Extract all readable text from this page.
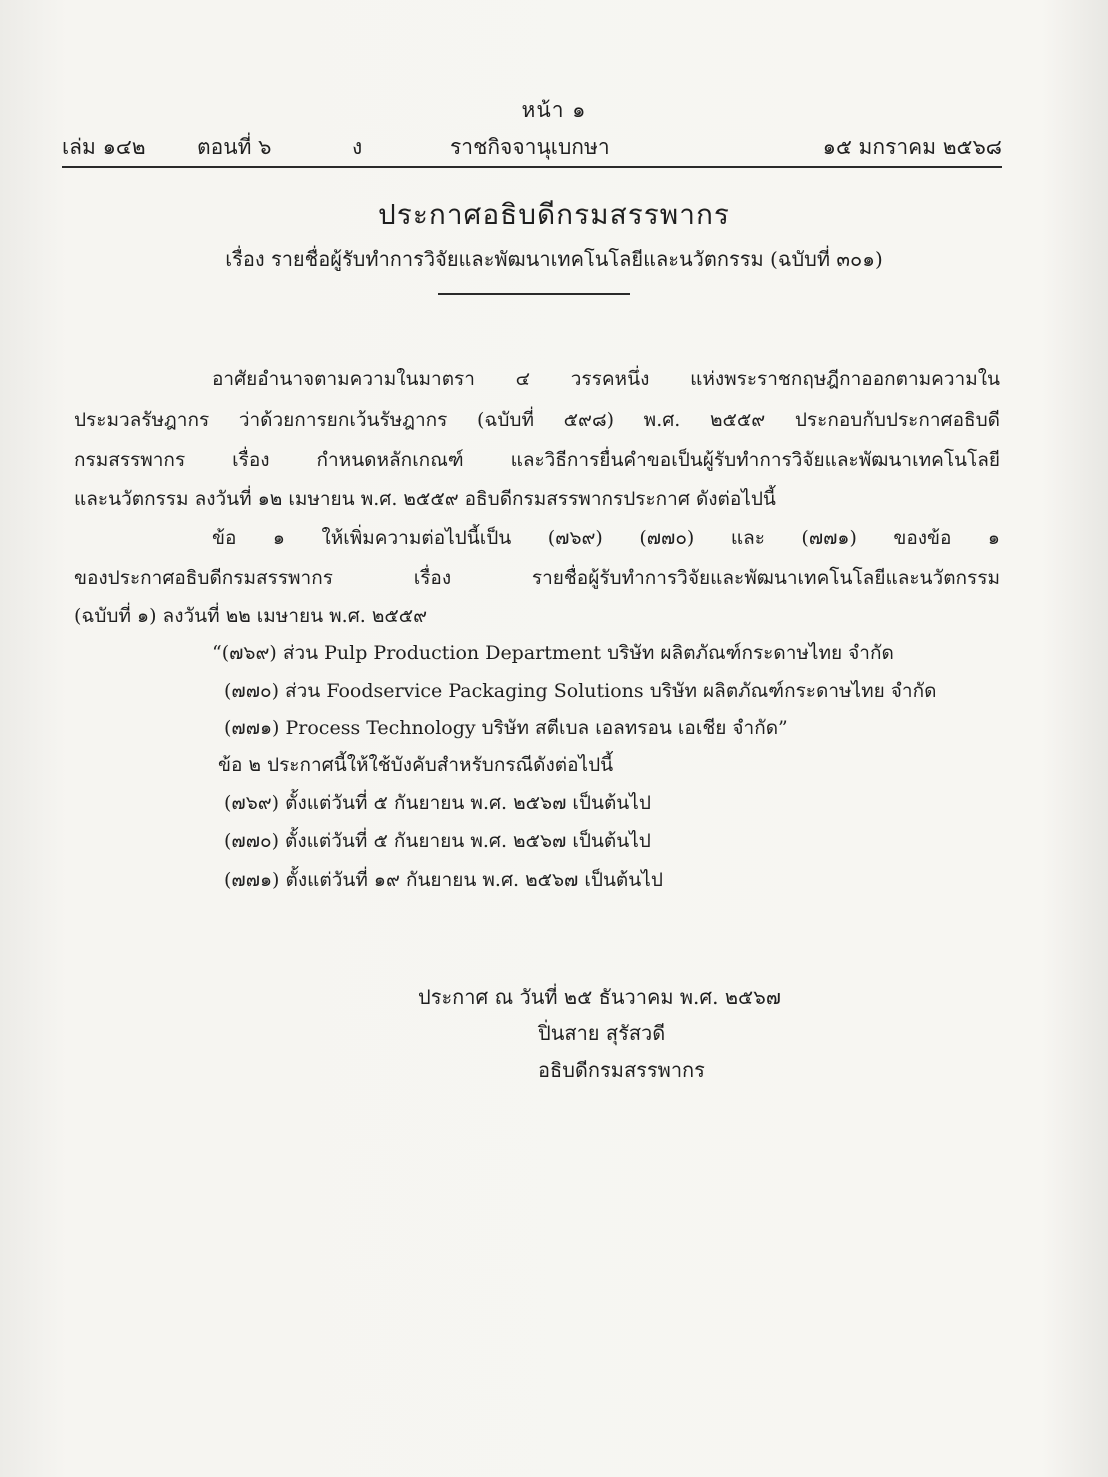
หน้า ๑
เล่ม ๑๔๒ ตอนที่ ๖	ง	ราชกิจจานุเบกษา	๑๕ มกราคม ๒๕๖๘
ประกาศอธิบดีกรมสรรพากร
เรื่อง รายชื่อผู้รับทำการวิจัยและพัฒนาเทคโนโลยีและนวัตกรรม (ฉบับที่ ๓๐๑)
อาศัยอำนาจตามความในมาตรา ๔ วรรคหนึ่ง แห่งพระราชกฤษฎีกาออกตามความใน
ประมวลรัษฎากร ว่าด้วยการยกเว้นรัษฎากร (ฉบับที่ ๕๙๘) พ.ศ. ๒๕๕๙ ประกอบกับประกาศอธิบดี
กรมสรรพากร เรื่อง กำหนดหลักเกณฑ์ และวิธีการยื่นคำขอเป็นผู้รับทำการวิจัยและพัฒนาเทคโนโลยี
และนวัตกรรม ลงวันที่ ๑๒ เมษายน พ.ศ. ๒๕๕๙ อธิบดีกรมสรรพากรประกาศ ดังต่อไปนี้
ข้อ ๑ ให้เพิ่มความต่อไปนี้เป็น (๗๖๙) (๗๗๐) และ (๗๗๑) ของข้อ ๑
ของประกาศอธิบดีกรมสรรพากร เรื่อง รายชื่อผู้รับทำการวิจัยและพัฒนาเทคโนโลยีและนวัตกรรม
(ฉบับที่ ๑) ลงวันที่ ๒๒ เมษายน พ.ศ. ๒๕๕๙
“(๗๖๙) ส่วน Pulp Production Department บริษัท ผลิตภัณฑ์กระดาษไทย จำกัด
(๗๗๐) ส่วน Foodservice Packaging Solutions บริษัท ผลิตภัณฑ์กระดาษไทย จำกัด
(๗๗๑) Process Technology บริษัท สตีเบล เอลทรอน เอเชีย จำกัด”
ข้อ ๒ ประกาศนี้ให้ใช้บังคับสำหรับกรณีดังต่อไปนี้
(๗๖๙) ตั้งแต่วันที่ ๕ กันยายน พ.ศ. ๒๕๖๗ เป็นต้นไป
(๗๗๐) ตั้งแต่วันที่ ๕ กันยายน พ.ศ. ๒๕๖๗ เป็นต้นไป
(๗๗๑) ตั้งแต่วันที่ ๑๙ กันยายน พ.ศ. ๒๕๖๗ เป็นต้นไป
ประกาศ ณ วันที่ ๒๕ ธันวาคม พ.ศ. ๒๕๖๗
ปิ่นสาย สุรัสวดี
อธิบดีกรมสรรพากร
